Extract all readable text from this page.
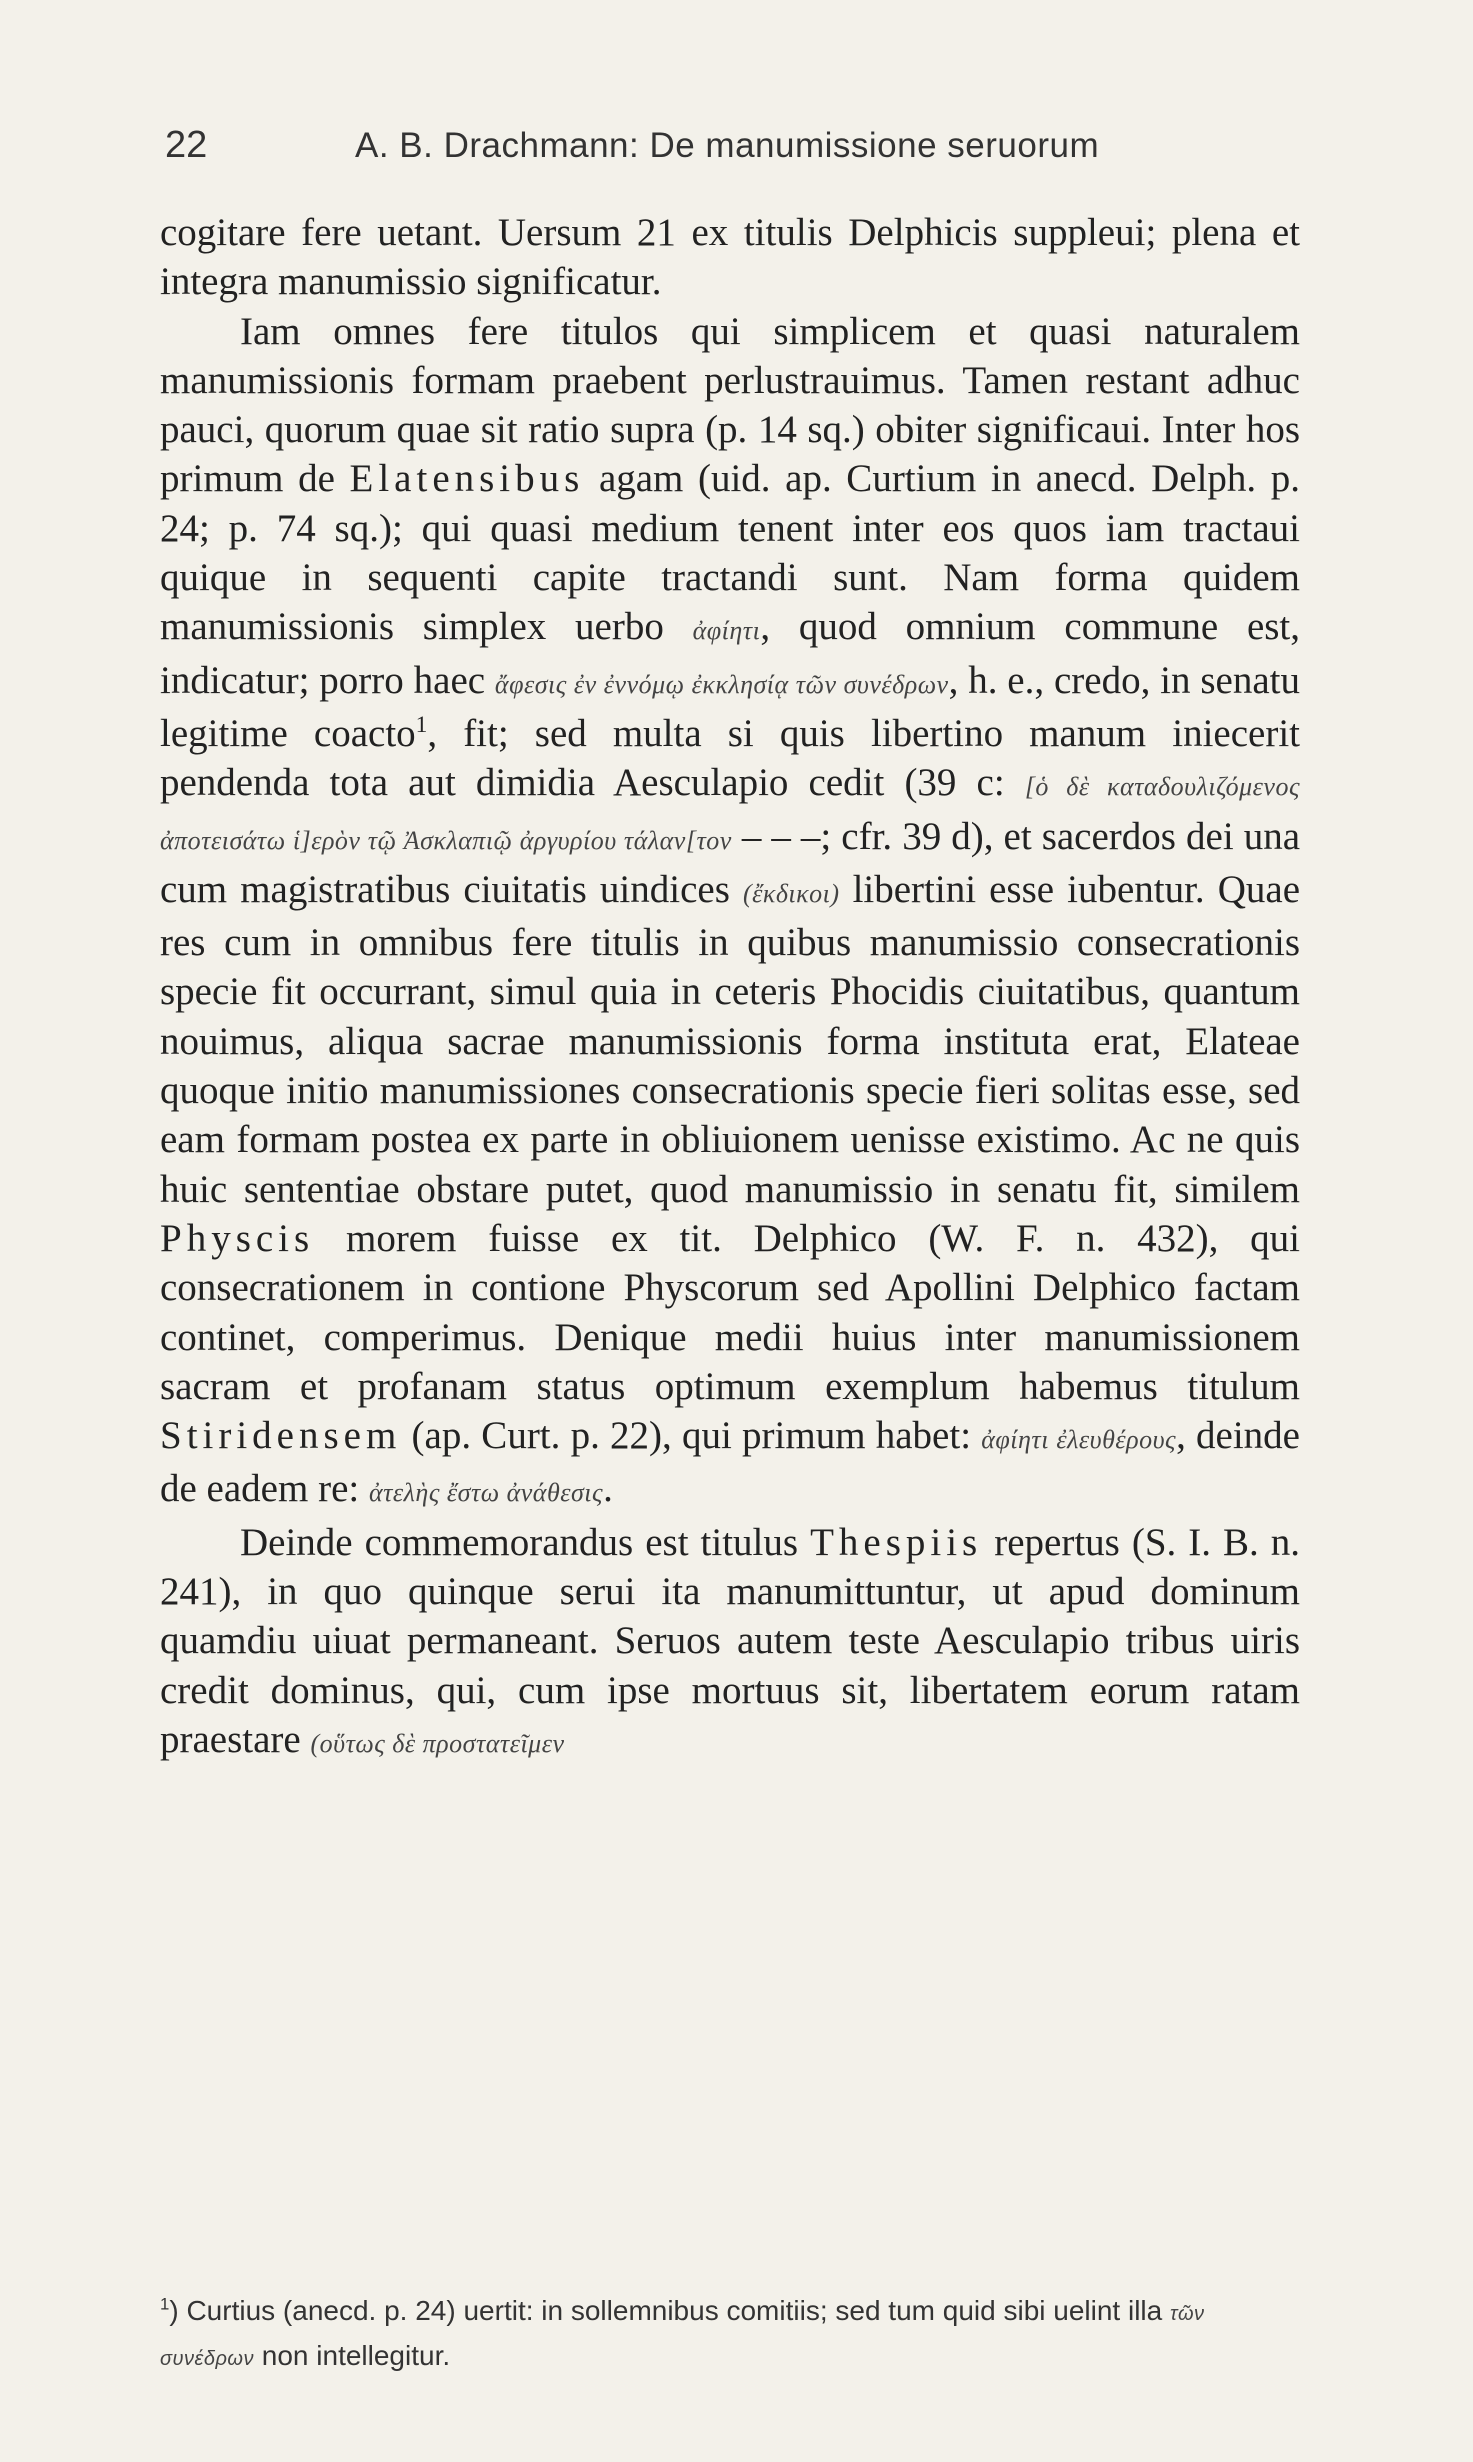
22	A. B. Drachmann: De manumissione seruorum

cogitare fere uetant. Uersum 21 ex titulis Delphicis suppleui; plena et integra manumissio significatur.

Iam omnes fere titulos qui simplicem et quasi naturalem manumissionis formam praebent perlustrauimus. Tamen restant adhuc pauci, quorum quae sit ratio supra (p. 14 sq.) obiter significaui. Inter hos primum de Elatensibus agam (uid. ap. Curtium in anecd. Delph. p. 24; p. 74 sq.); qui quasi medium tenent inter eos quos iam tractaui quique in sequenti capite tractandi sunt. Nam forma quidem manumissionis simplex uerbo ἀφίητι, quod omnium commune est, indicatur; porro haec ἄφεσις ἐν ἐννόμῳ ἐκκλησίᾳ τῶν συνέδρων, h. e., credo, in senatu legitime coacto$^1$, fit; sed multa si quis libertino manum iniecerit pendenda tota aut dimidia Aesculapio cedit (39 c: [ὁ δὲ καταδουλιζόμενος ἀποτεισάτω ἱ]ερὸν τῷ Ἀσκλαπιῷ ἀργυρίου τάλαν[τον – – –; cfr. 39 d), et sacerdos dei una cum magistratibus ciuitatis uindices (ἔκδικοι) libertini esse iubentur. Quae res cum in omnibus fere titulis in quibus manumissio consecrationis specie fit occurrant, simul quia in ceteris Phocidis ciuitatibus, quantum nouimus, aliqua sacrae manumissionis forma instituta erat, Elateae quoque initio manumissiones consecrationis specie fieri solitas esse, sed eam formam postea ex parte in obliuionem uenisse existimo. Ac ne quis huic sententiae obstare putet, quod manumissio in senatu fit, similem Physcis morem fuisse ex tit. Delphico (W. F. n. 432), qui consecrationem in contione Physcorum sed Apollini Delphico factam continet, comperimus. Denique medii huius inter manumissionem sacram et profanam status optimum exemplum habemus titulum Stiridensem (ap. Curt. p. 22), qui primum habet: ἀφίητι ἐλευθέρους, deinde de eadem re: ἀτελὴς ἔστω ἀνάθεσις.

Deinde commemorandus est titulus Thespiis repertus (S. I. B. n. 241), in quo quinque serui ita manumittuntur, ut apud dominum quamdiu uiuat permaneant. Seruos autem teste Aesculapio tribus uiris credit dominus, qui, cum ipse mortuus sit, libertatem eorum ratam praestare (οὕτως δὲ προστατεῖμεν

$^1$) Curtius (anecd. p. 24) uertit: in sollemnibus comitiis; sed tum quid sibi uelint illa τῶν συνέδρων non intellegitur.
